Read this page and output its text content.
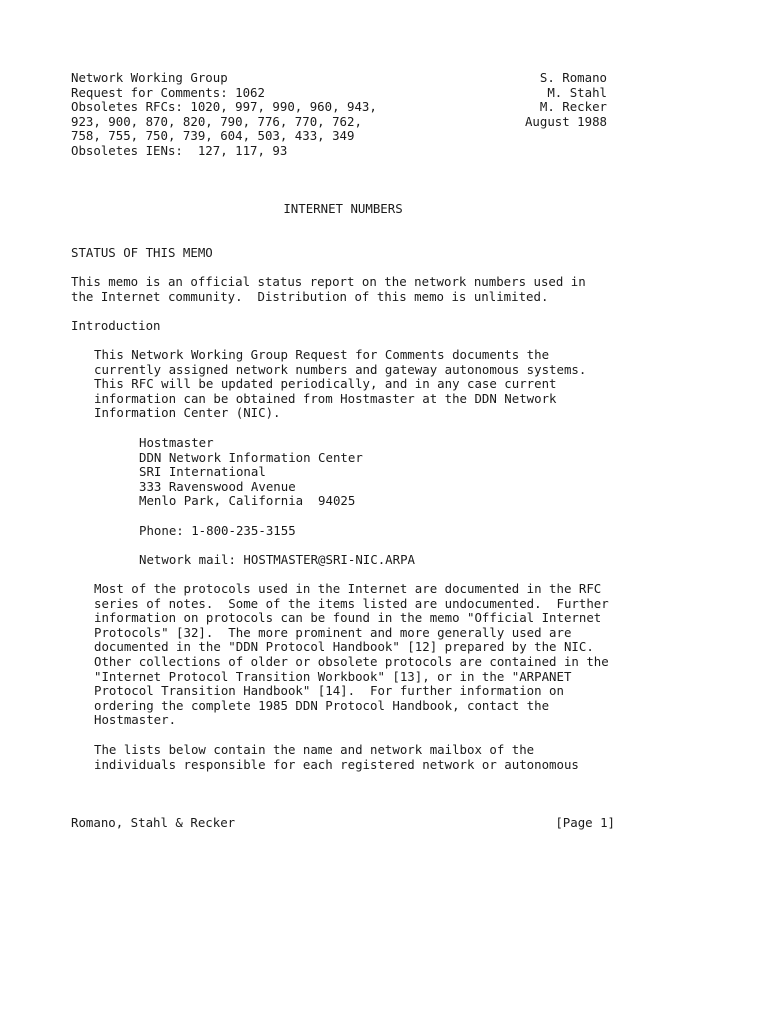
Network Working Group
Request for Comments: 1062
Obsoletes RFCs: 1020, 997, 990, 960, 943,
923, 900, 870, 820, 790, 776, 770, 762,
758, 755, 750, 739, 604, 503, 433, 349
Obsoletes IENs:  127, 117, 93
S. Romano
M. Stahl
M. Recker
August 1988
INTERNET NUMBERS
STATUS OF THIS MEMO
This memo is an official status report on the network numbers used in
the Internet community.  Distribution of this memo is unlimited.
Introduction
This Network Working Group Request for Comments documents the
currently assigned network numbers and gateway autonomous systems.
This RFC will be updated periodically, and in any case current
information can be obtained from Hostmaster at the DDN Network
Information Center (NIC).
Hostmaster
DDN Network Information Center
SRI International
333 Ravenswood Avenue
Menlo Park, California  94025
Phone: 1-800-235-3155
Network mail: HOSTMASTER@SRI-NIC.ARPA
Most of the protocols used in the Internet are documented in the RFC
series of notes.  Some of the items listed are undocumented.  Further
information on protocols can be found in the memo "Official Internet
Protocols" [32].  The more prominent and more generally used are
documented in the "DDN Protocol Handbook" [12] prepared by the NIC.
Other collections of older or obsolete protocols are contained in the
"Internet Protocol Transition Workbook" [13], or in the "ARPANET
Protocol Transition Handbook" [14].  For further information on
ordering the complete 1985 DDN Protocol Handbook, contact the
Hostmaster.
The lists below contain the name and network mailbox of the
individuals responsible for each registered network or autonomous
Romano, Stahl & Recker	[Page 1]
